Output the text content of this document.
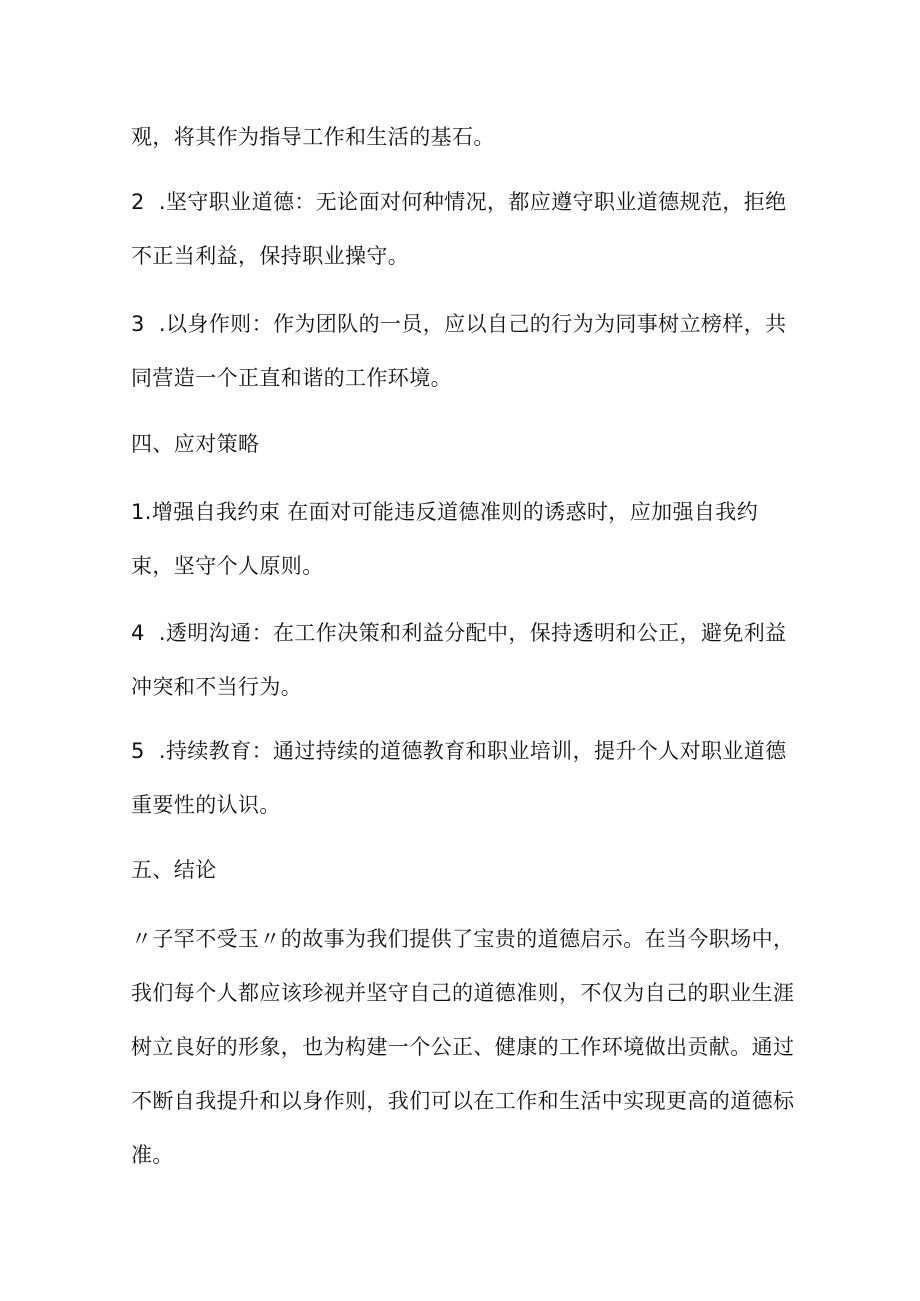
观，将其作为指导工作和生活的基石。

2  .坚守职业道德：无论面对何种情况，都应遵守职业道德规范，拒绝不正当利益，保持职业操守。

3  .以身作则：作为团队的一员，应以自己的行为为同事树立榜样，共同营造一个正直和谐的工作环境。

四、应对策略

1.增强自我约束 在面对可能违反道德准则的诱惑时，应加强自我约束，坚守个人原则。

4  .透明沟通：在工作决策和利益分配中，保持透明和公正，避免利益冲突和不当行为。

5  .持续教育：通过持续的道德教育和职业培训，提升个人对职业道德重要性的认识。

五、结论

〃子罕不受玉〃的故事为我们提供了宝贵的道德启示。在当今职场中，我们每个人都应该珍视并坚守自己的道德准则，不仅为自己的职业生涯树立良好的形象，也为构建一个公正、健康的工作环境做出贡献。通过不断自我提升和以身作则，我们可以在工作和生活中实现更高的道德标准。
